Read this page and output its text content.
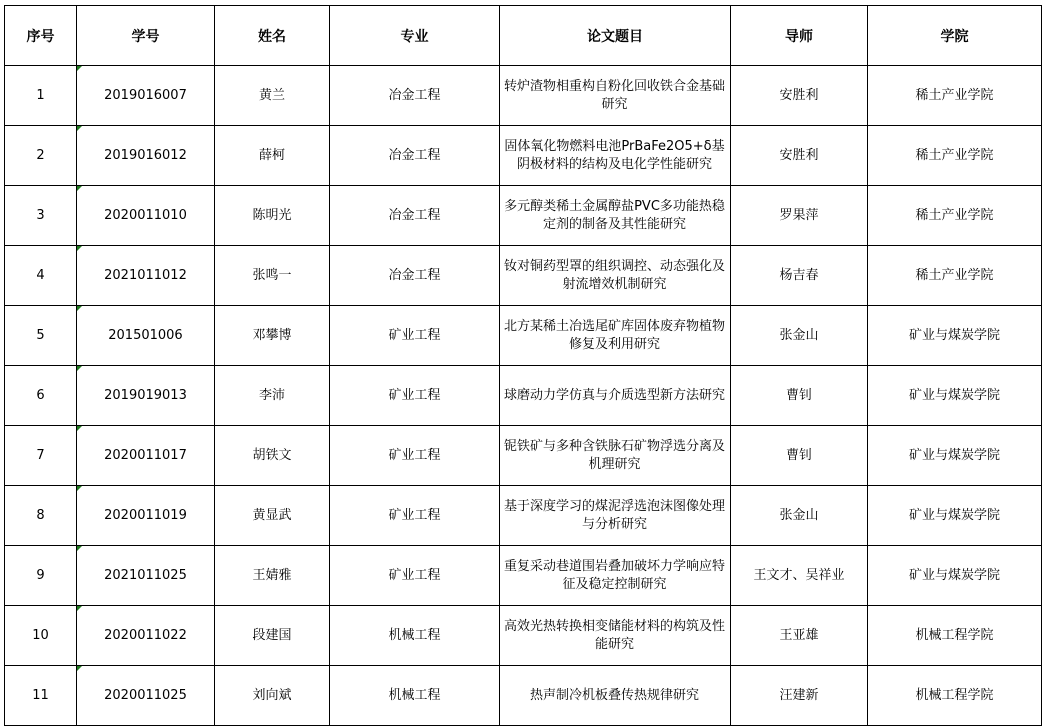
序号	学号	姓名	专业	论文题目	导师	学院
1	2019016007	黄兰	冶金工程	转炉渣物相重构自粉化回收铁合金基础研究	安胜利	稀土产业学院
2	2019016012	薛柯	冶金工程	固体氧化物燃料电池PrBaFe2O5+δ基阴极材料的结构及电化学性能研究	安胜利	稀土产业学院
3	2020011010	陈明光	冶金工程	多元醇类稀土金属醇盐PVC多功能热稳定剂的制备及其性能研究	罗果萍	稀土产业学院
4	2021011012	张鸣一	冶金工程	钕对铜药型罩的组织调控、动态强化及射流增效机制研究	杨吉春	稀土产业学院
5	201501006	邓攀博	矿业工程	北方某稀土冶选尾矿库固体废弃物植物修复及利用研究	张金山	矿业与煤炭学院
6	2019019013	李沛	矿业工程	球磨动力学仿真与介质选型新方法研究	曹钊	矿业与煤炭学院
7	2020011017	胡铁文	矿业工程	铌铁矿与多种含铁脉石矿物浮选分离及机理研究	曹钊	矿业与煤炭学院
8	2020011019	黄显武	矿业工程	基于深度学习的煤泥浮选泡沫图像处理与分析研究	张金山	矿业与煤炭学院
9	2021011025	王婧雅	矿业工程	重复采动巷道围岩叠加破坏力学响应特征及稳定控制研究	王文才、吴祥业	矿业与煤炭学院
10	2020011022	段建国	机械工程	高效光热转换相变储能材料的构筑及性能研究	王亚雄	机械工程学院
11	2020011025	刘向斌	机械工程	热声制冷机板叠传热规律研究	汪建新	机械工程学院
